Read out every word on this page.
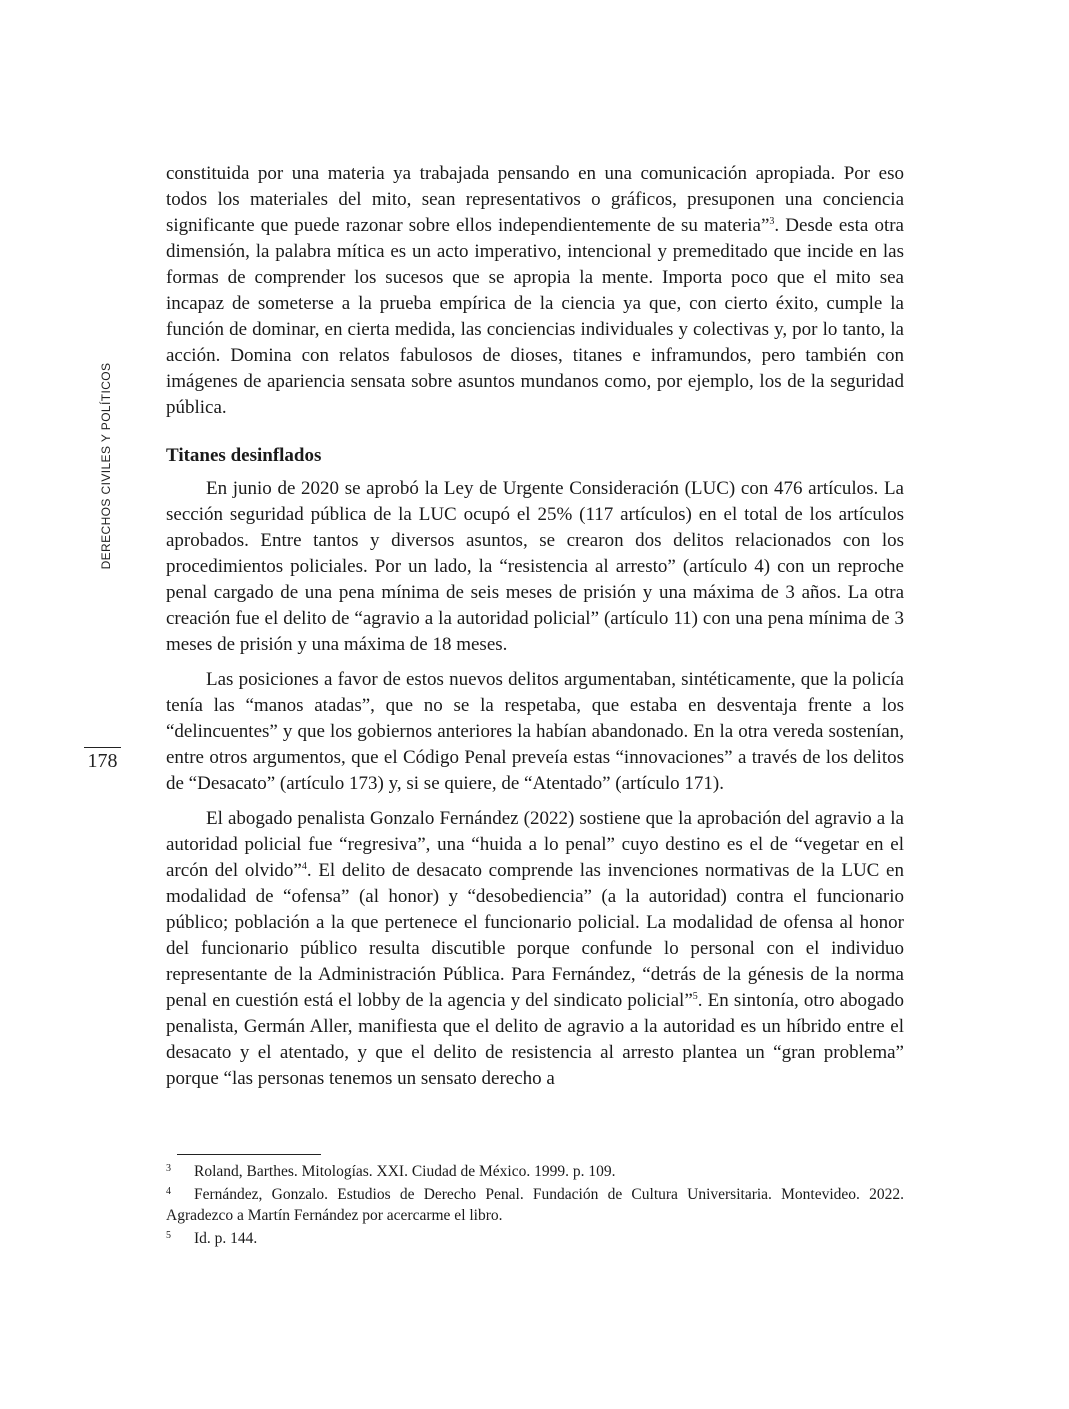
DERECHOS CIVILES Y POLÍTICOS
178

constituida por una materia ya trabajada pensando en una comunicación apropiada. Por eso todos los materiales del mito, sean representativos o gráficos, presuponen una conciencia significante que puede razonar sobre ellos independientemente de su materia”$^3$. Desde esta otra dimensión, la palabra mítica es un acto imperativo, intencional y premeditado que incide en las formas de comprender los sucesos que se apropia la mente. Importa poco que el mito sea incapaz de someterse a la prueba empírica de la ciencia ya que, con cierto éxito, cumple la función de dominar, en cierta medida, las conciencias individuales y colectivas y, por lo tanto, la acción. Domina con relatos fabulosos de dioses, titanes e inframundos, pero también con imágenes de apariencia sensata sobre asuntos mundanos como, por ejemplo, los de la seguridad pública.

Titanes desinflados

En junio de 2020 se aprobó la Ley de Urgente Consideración (LUC) con 476 artículos. La sección seguridad pública de la LUC ocupó el 25% (117 artículos) en el total de los artículos aprobados. Entre tantos y diversos asuntos, se crearon dos delitos relacionados con los procedimientos policiales. Por un lado, la “resistencia al arresto” (artículo 4) con un reproche penal cargado de una pena mínima de seis meses de prisión y una máxima de 3 años. La otra creación fue el delito de “agravio a la autoridad policial” (artículo 11) con una pena mínima de 3 meses de prisión y una máxima de 18 meses.

Las posiciones a favor de estos nuevos delitos argumentaban, sintéticamente, que la policía tenía las “manos atadas”, que no se la respetaba, que estaba en desventaja frente a los “delincuentes” y que los gobiernos anteriores la habían abandonado. En la otra vereda sostenían, entre otros argumentos, que el Código Penal preveía estas “innovaciones” a través de los delitos de “Desacato” (artículo 173) y, si se quiere, de “Atentado” (artículo 171).

El abogado penalista Gonzalo Fernández (2022) sostiene que la aprobación del agravio a la autoridad policial fue “regresiva”, una “huida a lo penal” cuyo destino es el de “vegetar en el arcón del olvido”$^4$. El delito de desacato comprende las invenciones normativas de la LUC en modalidad de “ofensa” (al honor) y “desobediencia” (a la autoridad) contra el funcionario público; población a la que pertenece el funcionario policial. La modalidad de ofensa al honor del funcionario público resulta discutible porque confunde lo personal con el individuo representante de la Administración Pública. Para Fernández, “detrás de la génesis de la norma penal en cuestión está el lobby de la agencia y del sindicato policial”$^5$. En sintonía, otro abogado penalista, Germán Aller, manifiesta que el delito de agravio a la autoridad es un híbrido entre el desacato y el atentado, y que el delito de resistencia al arresto plantea un “gran problema” porque “las personas tenemos un sensato derecho a

3 Roland, Barthes. Mitologías. XXI. Ciudad de México. 1999. p. 109.

4 Fernández, Gonzalo. Estudios de Derecho Penal. Fundación de Cultura Universitaria. Montevideo. 2022. Agradezco a Martín Fernández por acercarme el libro.

5 Id. p. 144.
